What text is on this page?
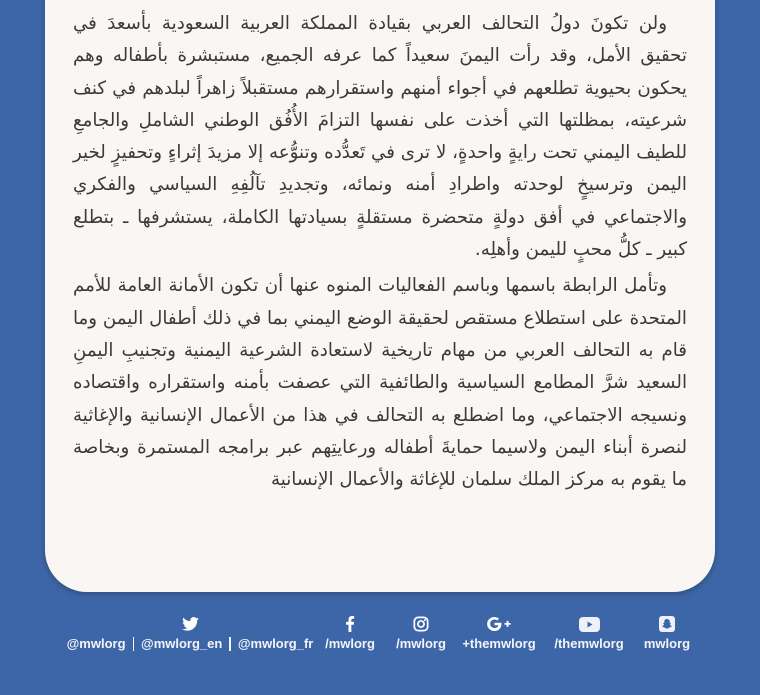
ولن تكونَ دولُ التحالف العربي بقيادة المملكة العربية السعودية بأسعدَ في تحقيق الأمل، وقد رأت اليمنَ سعيداً كما عرفه الجميع، مستبشرة بأطفاله وهم يحكون بحيوية تطلعهم في أجواء أمنهم واستقرارهم مستقبلاً زاهراً لبلدهم في كنف شرعيته، بمظلتها التي أخذت على نفسها التزامَ الأُفُق الوطني الشاملِ والجامعِ للطيف اليمني تحت رايةٍ واحدةٍ، لا ترى في تَعدُّده وتنوُّعه إلا مزيدَ إثراءٍ وتحفيزٍ لخير اليمن وترسيخٍ لوحدته واطرادِ أمنه ونمائه، وتجديدِ تآلُفِهِ السياسي والفكري والاجتماعي في أفق دولةٍ متحضرة مستقلةٍ بسيادتها الكاملة، يستشرفها ـ بتطلع كبير ـ كلُّ محبٍ لليمن وأهلِه.

وتأمل الرابطة باسمها وباسم الفعاليات المنوه عنها أن تكون الأمانة العامة للأمم المتحدة على استطلاع مستقص لحقيقة الوضع اليمني بما في ذلك أطفال اليمن وما قام به التحالف العربي من مهام تاريخية لاستعادة الشرعية اليمنية وتجنيبِ اليمنِ السعيد شرَّ المطامع السياسية والطائفية التي عصفت بأمنه واستقراره واقتصاده ونسيجه الاجتماعي، وما اضطلع به التحالف في هذا من الأعمال الإنسانية والإغاثية لنصرة أبناء اليمن ولاسيما حمايةَ أطفاله ورعايتِهم عبر برامجه المستمرة وبخاصة ما يقوم به مركز الملك سلمان للإغاثة والأعمال الإنسانية

@mwlorg @mwlorg_en @mwlorg_fr /mwlorg /mwlorg +themwlorg /themwlorg mwlorg
